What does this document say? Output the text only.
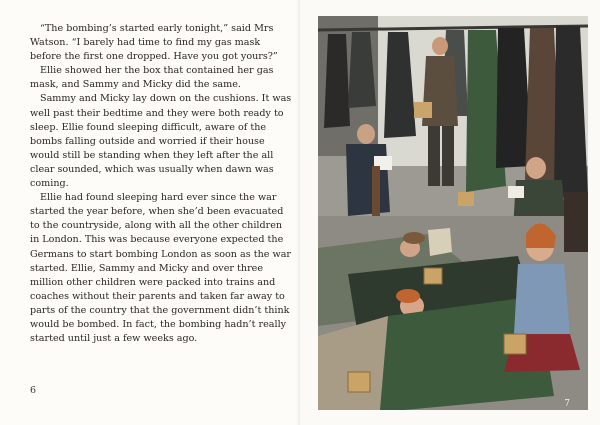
“The bombing’s started early tonight,” said Mrs Watson. “I barely had time to find my gas mask before the first one dropped. Have you got yours?”

Ellie showed her the box that contained her gas mask, and Sammy and Micky did the same.

Sammy and Micky lay down on the cushions. It was well past their bedtime and they were both ready to sleep. Ellie found sleeping difficult, aware of the bombs falling outside and worried if their house would still be standing when they left after the all clear sounded, which was usually when dawn was coming.

Ellie had found sleeping hard ever since the war started the year before, when she’d been evacuated to the countryside, along with all the other children in London. This was because everyone expected the Germans to start bombing London as soon as the war started. Ellie, Sammy and Micky and over three million other children were packed into trains and coaches without their parents and taken far away to parts of the country that the government didn’t think would be bombed. In fact, the bombing hadn’t really started until just a few weeks ago.

6
7
